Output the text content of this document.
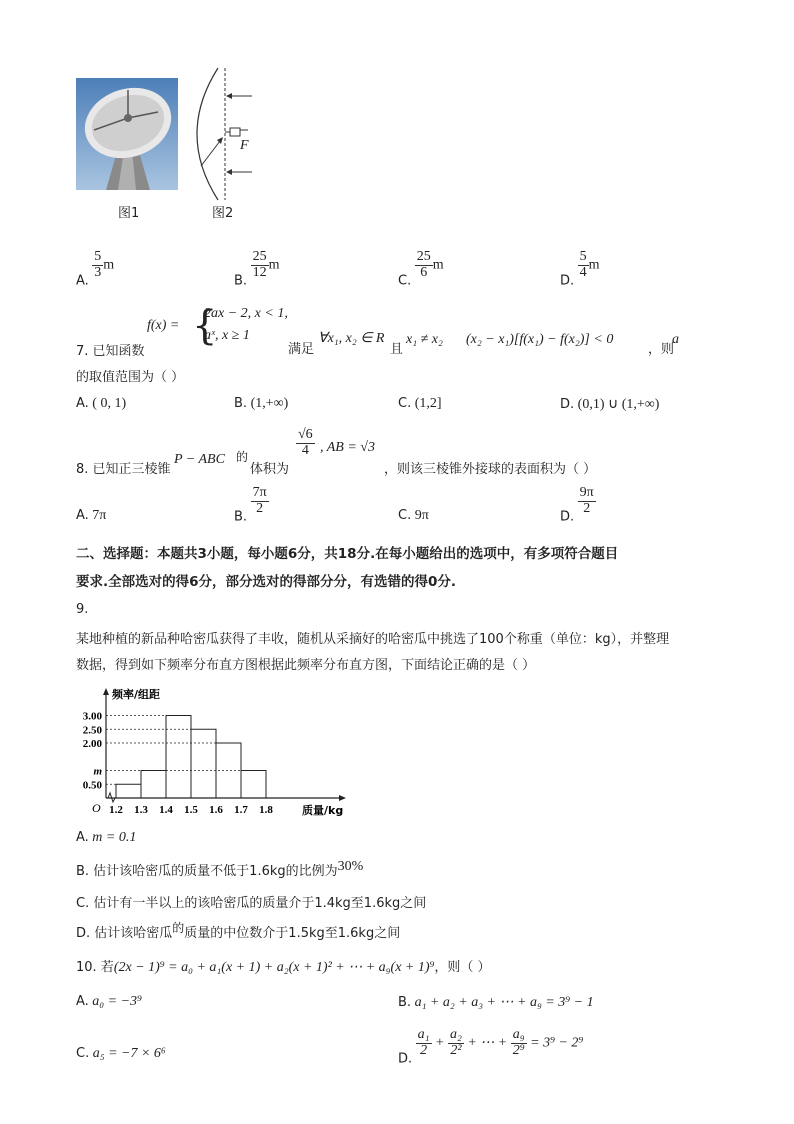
图1
F
图2
A.
$\frac{5}{3}$ m
B.
$\frac{25}{12}$ m
C.
$\frac{25}{6}$ m
D.
$\frac{5}{4}$ m
7. 已知函数
f(x) = {
2ax − 2, x < 1,
aˣ, x ≥ 1
满足
∀x₁, x₂ ∈ R
且
x₁ ≠ x₂ (x₂ − x₁)[f(x₁) − f(x₂)] < 0
，则
a
的取值范围为（ ）
A. ( 0, 1)	B. (1,+∞)	C. (1,2]	D. (0,1) ∪ (1,+∞)
8. 已知正三棱锥
P − ABC 的
体积为
$\frac{√6}{4}$ , AB = √3
，则该三棱锥外接球的表面积为（ ）
A. 7π	B.
$\frac{7\pi}{2}$	C. 9π	D.
$\frac{9\pi}{2}$
二、选择题：本题共3小题，每小题6分，共18分.在每小题给出的选项中，有多项符合题目
要求.全部选对的得6分，部分选对的得部分分，有选错的得0分.
9.
某地种植的新品种哈密瓜获得了丰收，随机从采摘好的哈密瓜中挑选了100个称重（单位：kg），并整理
数据，得到如下频率分布直方图根据此频率分布直方图，下面结论正确的是（ ）
频率/组距
质量/kg
O
0.50
m
2.00
2.50
3.00
1.2 1.3 1.4 1.5 1.6 1.7 1.8
A. m = 0.1
B. 估计该哈密瓜的质量不低于1.6kg的比例为30%
C. 估计有一半以上的该哈密瓜的质量介于1.4kg至1.6kg之间
D. 估计该哈密瓜的质量的中位数介于1.5kg至1.6kg之间
10. 若(2x − 1)⁹ = a₀ + a₁(x + 1) + a₂(x + 1)² + ⋯ + a₉(x + 1)⁹，则（ ）
A. a₀ = −3⁹	B. a₁ + a₂ + a₃ + ⋯ + a₉ = 3⁹ − 1
C. a₅ = −7 × 6⁶	D.
$\frac{\text{a₁}}{2} + \frac{\text{a₂}}{\text{2²}}$ + ⋯ + $\frac{\text{a₉}}{\text{2⁹}} = 3^9 - 2^9$
